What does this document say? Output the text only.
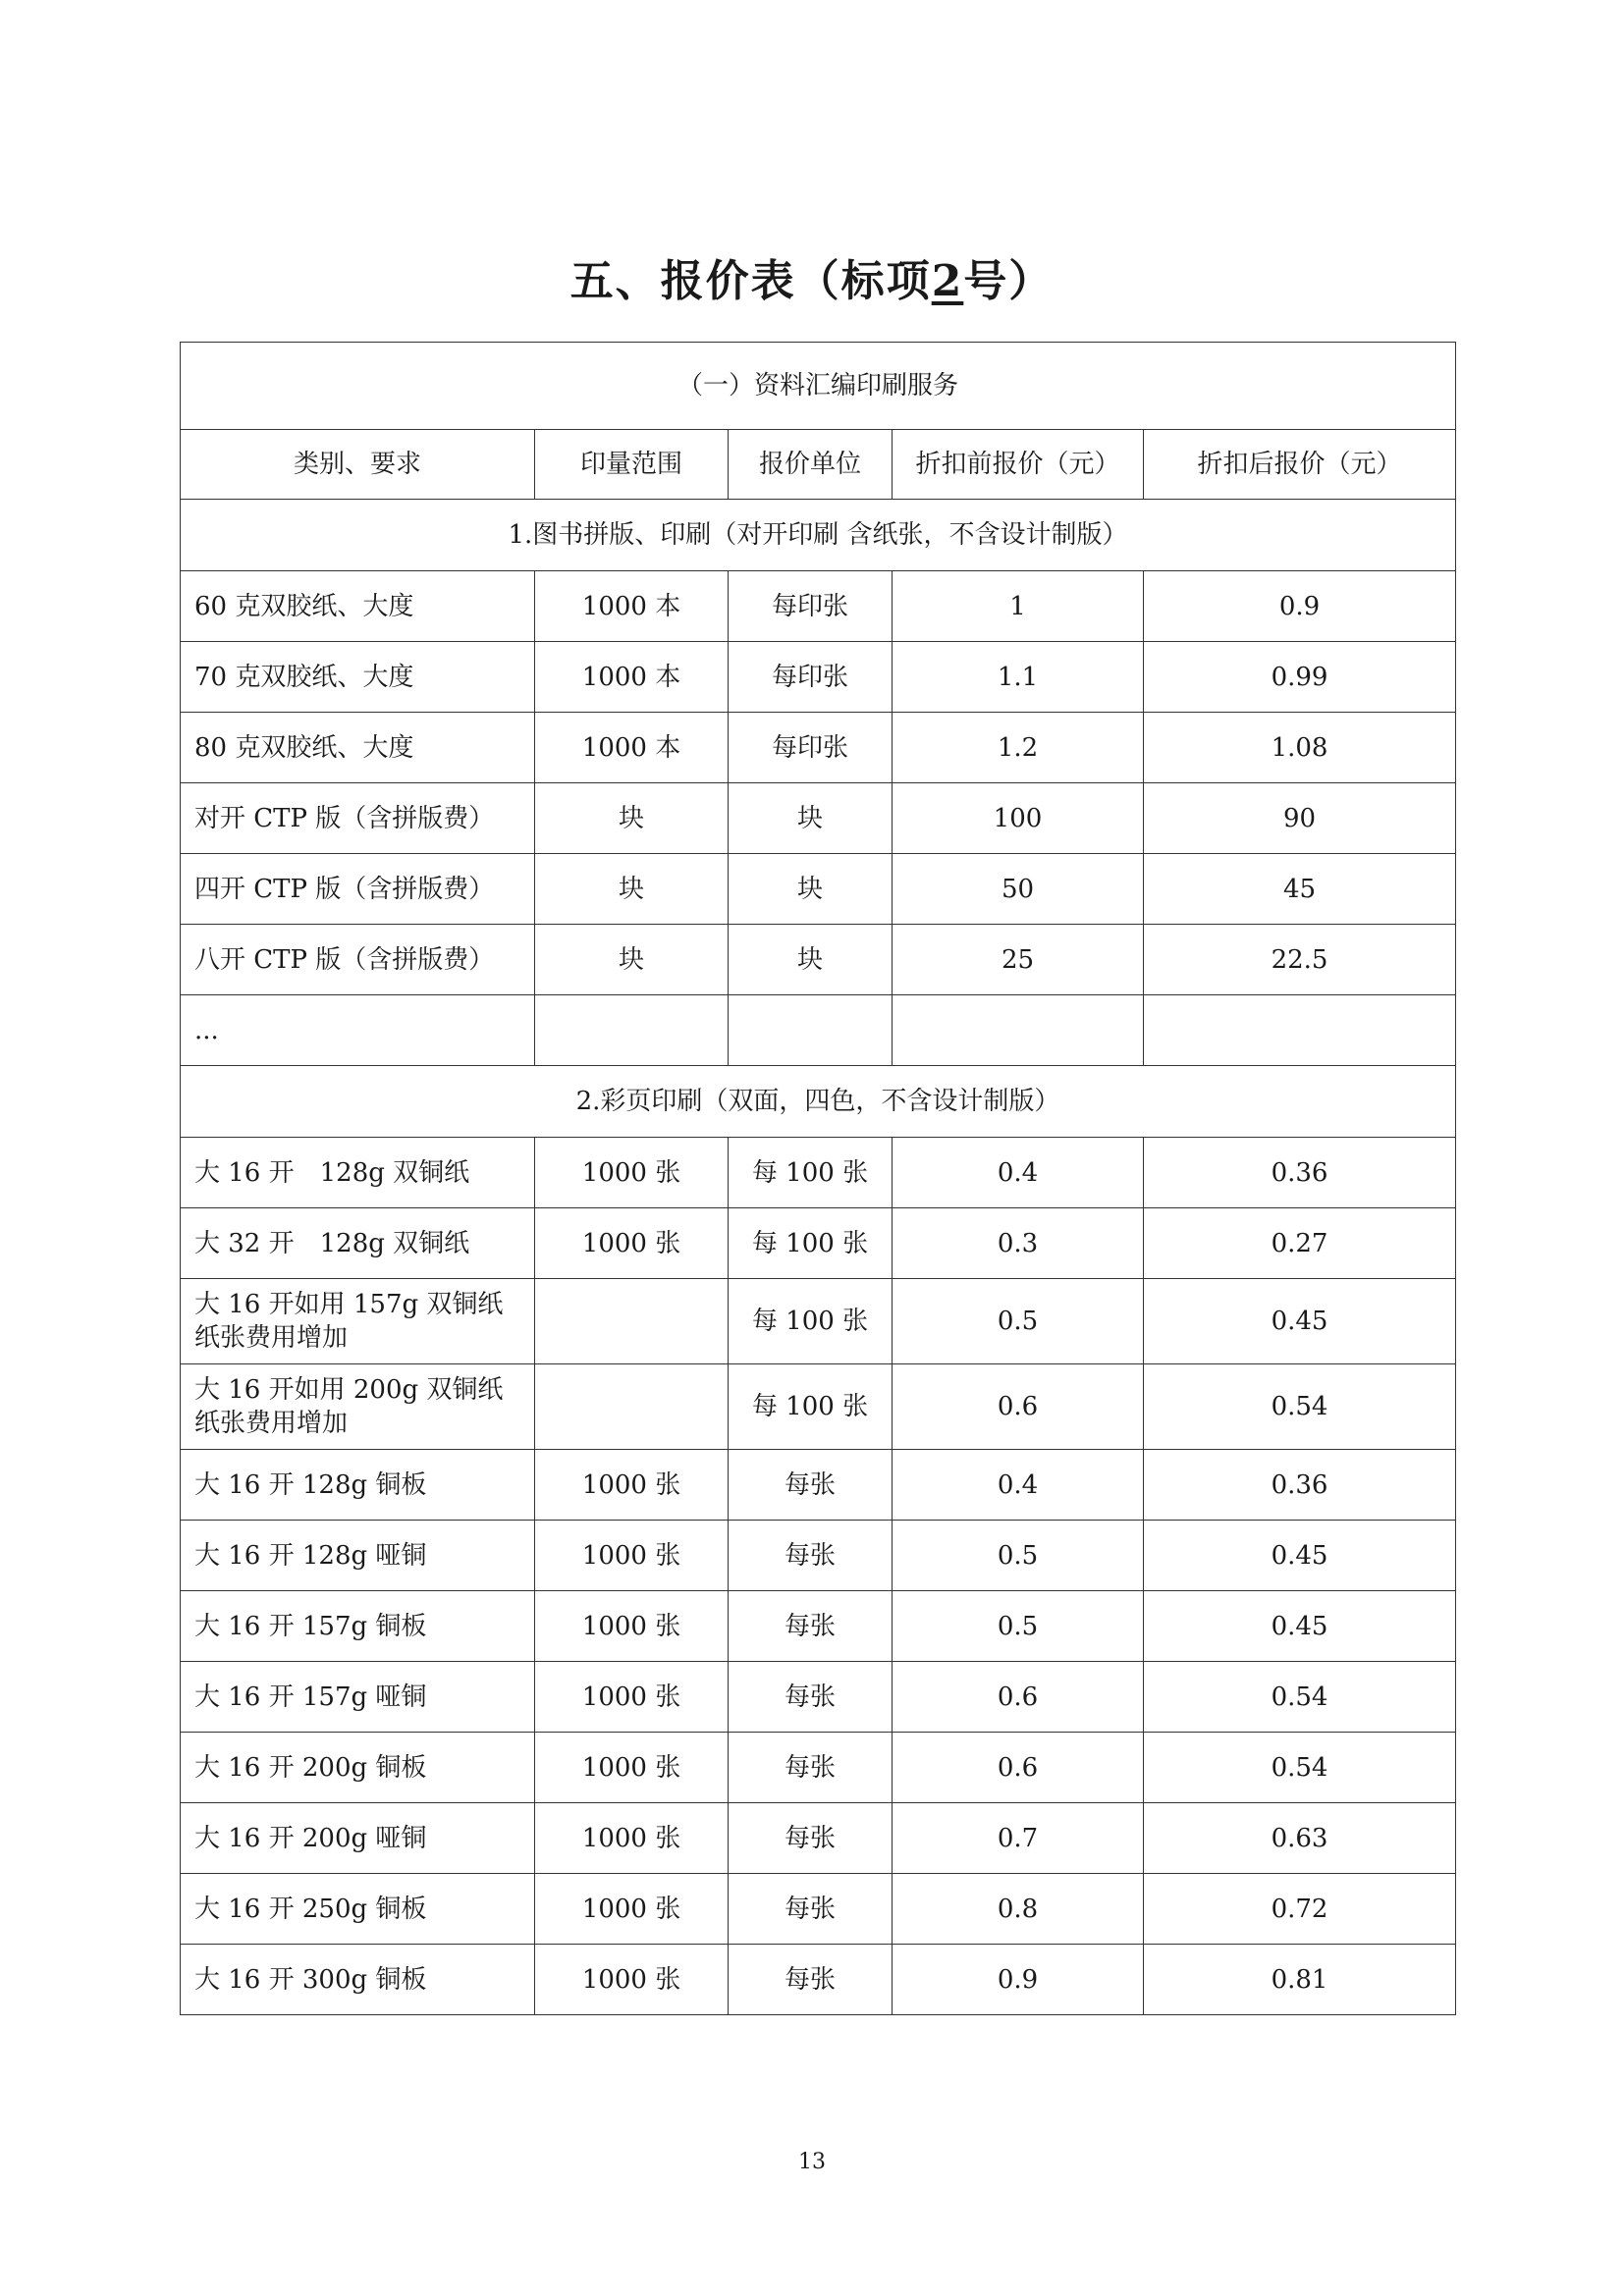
五、报价表（标项2号）
（一）资料汇编印刷服务				
类别、要求	印量范围	报价单位	折扣前报价（元）	折扣后报价（元）
1.图书拼版、印刷（对开印刷 含纸张，不含设计制版）				
60 克双胶纸、大度	1000 本	每印张	1	0.9
70 克双胶纸、大度	1000 本	每印张	1.1	0.99
80 克双胶纸、大度	1000 本	每印张	1.2	1.08
对开 CTP 版（含拼版费）	块	块	100	90
四开 CTP 版（含拼版费）	块	块	50	45
八开 CTP 版（含拼版费）	块	块	25	22.5
...				
2.彩页印刷（双面，四色，不含设计制版）				
大 16 开　128g 双铜纸	1000 张	每 100 张	0.4	0.36
大 32 开　128g 双铜纸	1000 张	每 100 张	0.3	0.27
大 16 开如用 157g 双铜纸纸张费用增加		每 100 张	0.5	0.45
大 16 开如用 200g 双铜纸纸张费用增加		每 100 张	0.6	0.54
大 16 开 128g 铜板	1000 张	每张	0.4	0.36
大 16 开 128g 哑铜	1000 张	每张	0.5	0.45
大 16 开 157g 铜板	1000 张	每张	0.5	0.45
大 16 开 157g 哑铜	1000 张	每张	0.6	0.54
大 16 开 200g 铜板	1000 张	每张	0.6	0.54
大 16 开 200g 哑铜	1000 张	每张	0.7	0.63
大 16 开 250g 铜板	1000 张	每张	0.8	0.72
大 16 开 300g 铜板	1000 张	每张	0.9	0.81
13
